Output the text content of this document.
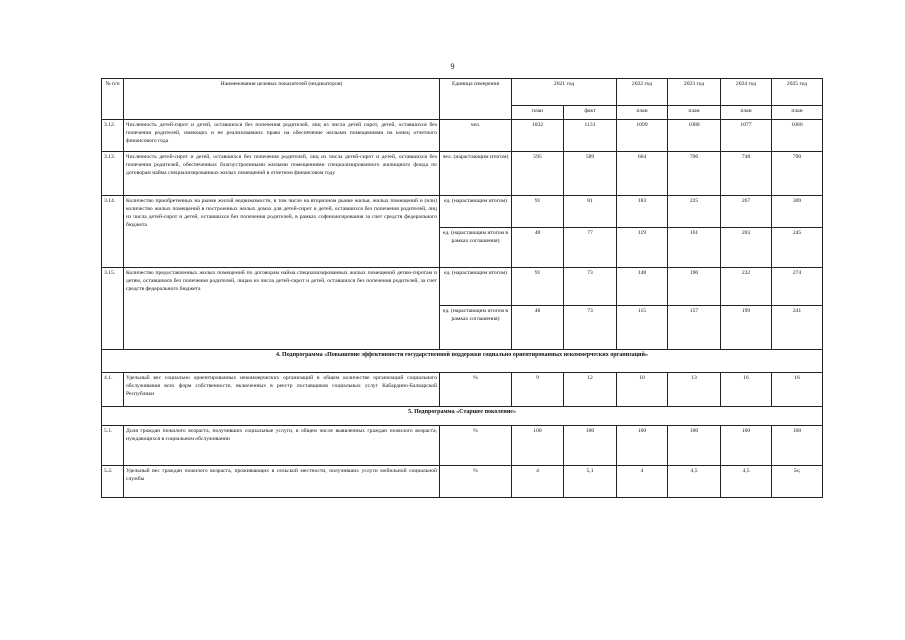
9
№ п/п	Наименования целевых показателей (индикаторов)	Единица измерения	2021 год		2022 год	2023 год	2024 год	2025 год
			план	факт	план	план	план	план
3.12.	Численность детей-сирот и детей, оставшихся без попечения родителей, лиц из числа детей сирот, детей, оставшихся без попечения родителей, имеющих и не реализовавших право на обеспечение жилыми помещениями на конец отчетного финансового года	чел.	1032	1131	1099	1088	1077	1066
3.13.	Численность детей-сирот и детей, оставшихся без попечения родителей, лиц из числа детей-сирот и детей, оставшихся без попечения родителей, обеспеченных благоустроенными жилыми помещениями специализированного жилищного фонда по договорам найма специализированных жилых помещений в отчетном финансовом году	чел. (нарастающим итогом)	595	589	664	706	748	790
3.14.	Количество приобретенных на рынке жилой недвижимости, в том числе на вторичном рынке жилья, жилых помещений и (или) количество жилых помещений в построенных жилых домах для детей-сирот и детей, оставшихся без попечения родителей, лиц из числа детей-сирот и детей, оставшихся без попечения родителей, в рамках софинансирования за счет средств федерального бюджета	ед. (нарастающим итогом)	91	81	183	225	267	309
		ед. (нарастающим итогом в рамках соглашения)	48	77	119	161	203	245
3.15.	Количество предоставленных жилых помещений по договорам найма специализированных жилых помещений детям-сиротам и детям, оставшимся без попечения родителей, лицам из числа детей-сирот и детей, оставшихся без попечения родителей, за счет средств федерального бюджета	ед. (нарастающим итогом)	91	73	148	190	232	274
		ед. (нарастающим итогом в рамках соглашения)	48	73	115	157	199	241
4. Подпрограмма «Повышение эффективности государственной поддержки социально ориентированных некоммерческих организаций»								
4.1.	Удельный вес социально ориентированных некоммерческих организаций в общем количестве организаций социального обслуживания всех форм собственности, включенных в реестр поставщиков социальных услуг Кабардино-Балкарской Республики	%	9	12	10	13	16	16
5. Подпрограмма «Старшее поколение»								
5.1.	Доля граждан пожилого возраста, получивших социальные услуги, в общем числе выявленных граждан пожилого возраста, нуждающихся в социальном обслуживании	%	100	100	100	100	100	100
5.2.	Удельный вес граждан пожилого возраста, проживающих в сельской местности, получивших услуги мобильной социальной службы	%	4	5,1	4	4,5	4,5	5s;
